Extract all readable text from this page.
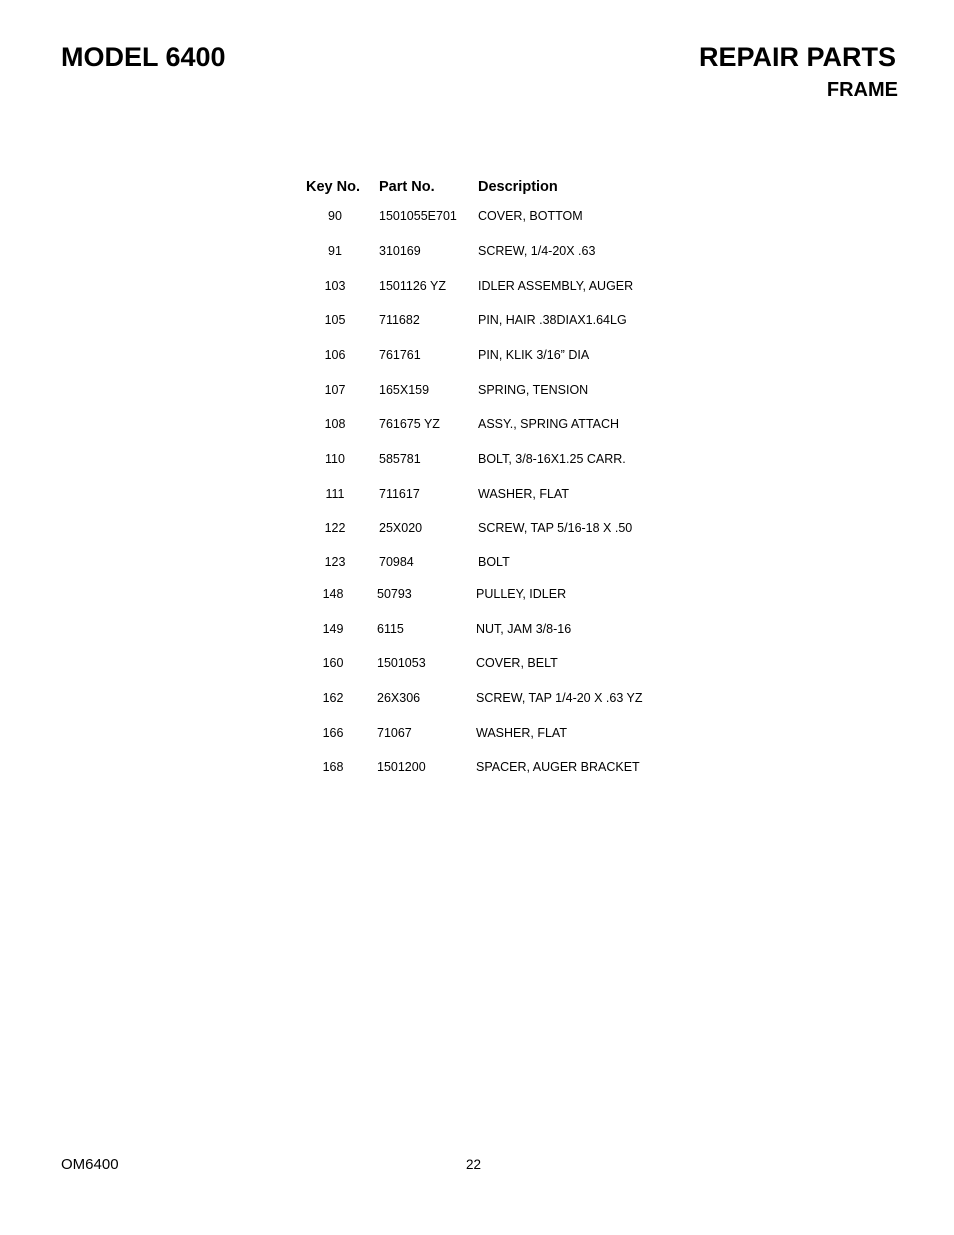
MODEL 6400	REPAIR PARTS
FRAME
Key No. Part No.	Description
90	1501055E701 COVER, BOTTOM
91	310169	SCREW, 1/4-20X .63
103	1501126 YZ	IDLER ASSEMBLY, AUGER
105	711682	PIN, HAIR .38DIAX1.64LG
106	761761	PIN, KLIK 3/16” DIA
107	165X159	SPRING, TENSION
108	761675 YZ	ASSY., SPRING ATTACH
110	585781	BOLT, 3/8-16X1.25 CARR.
111	711617	WASHER, FLAT
122	25X020	SCREW, TAP 5/16-18 X .50
123	70984	BOLT
148	50793	PULLEY, IDLER
149	6115	NUT, JAM 3/8-16
160	1501053	COVER, BELT
162	26X306	SCREW, TAP 1/4-20 X .63 YZ
166	71067	WASHER, FLAT
168	1501200	SPACER, AUGER BRACKET
OM6400	22
